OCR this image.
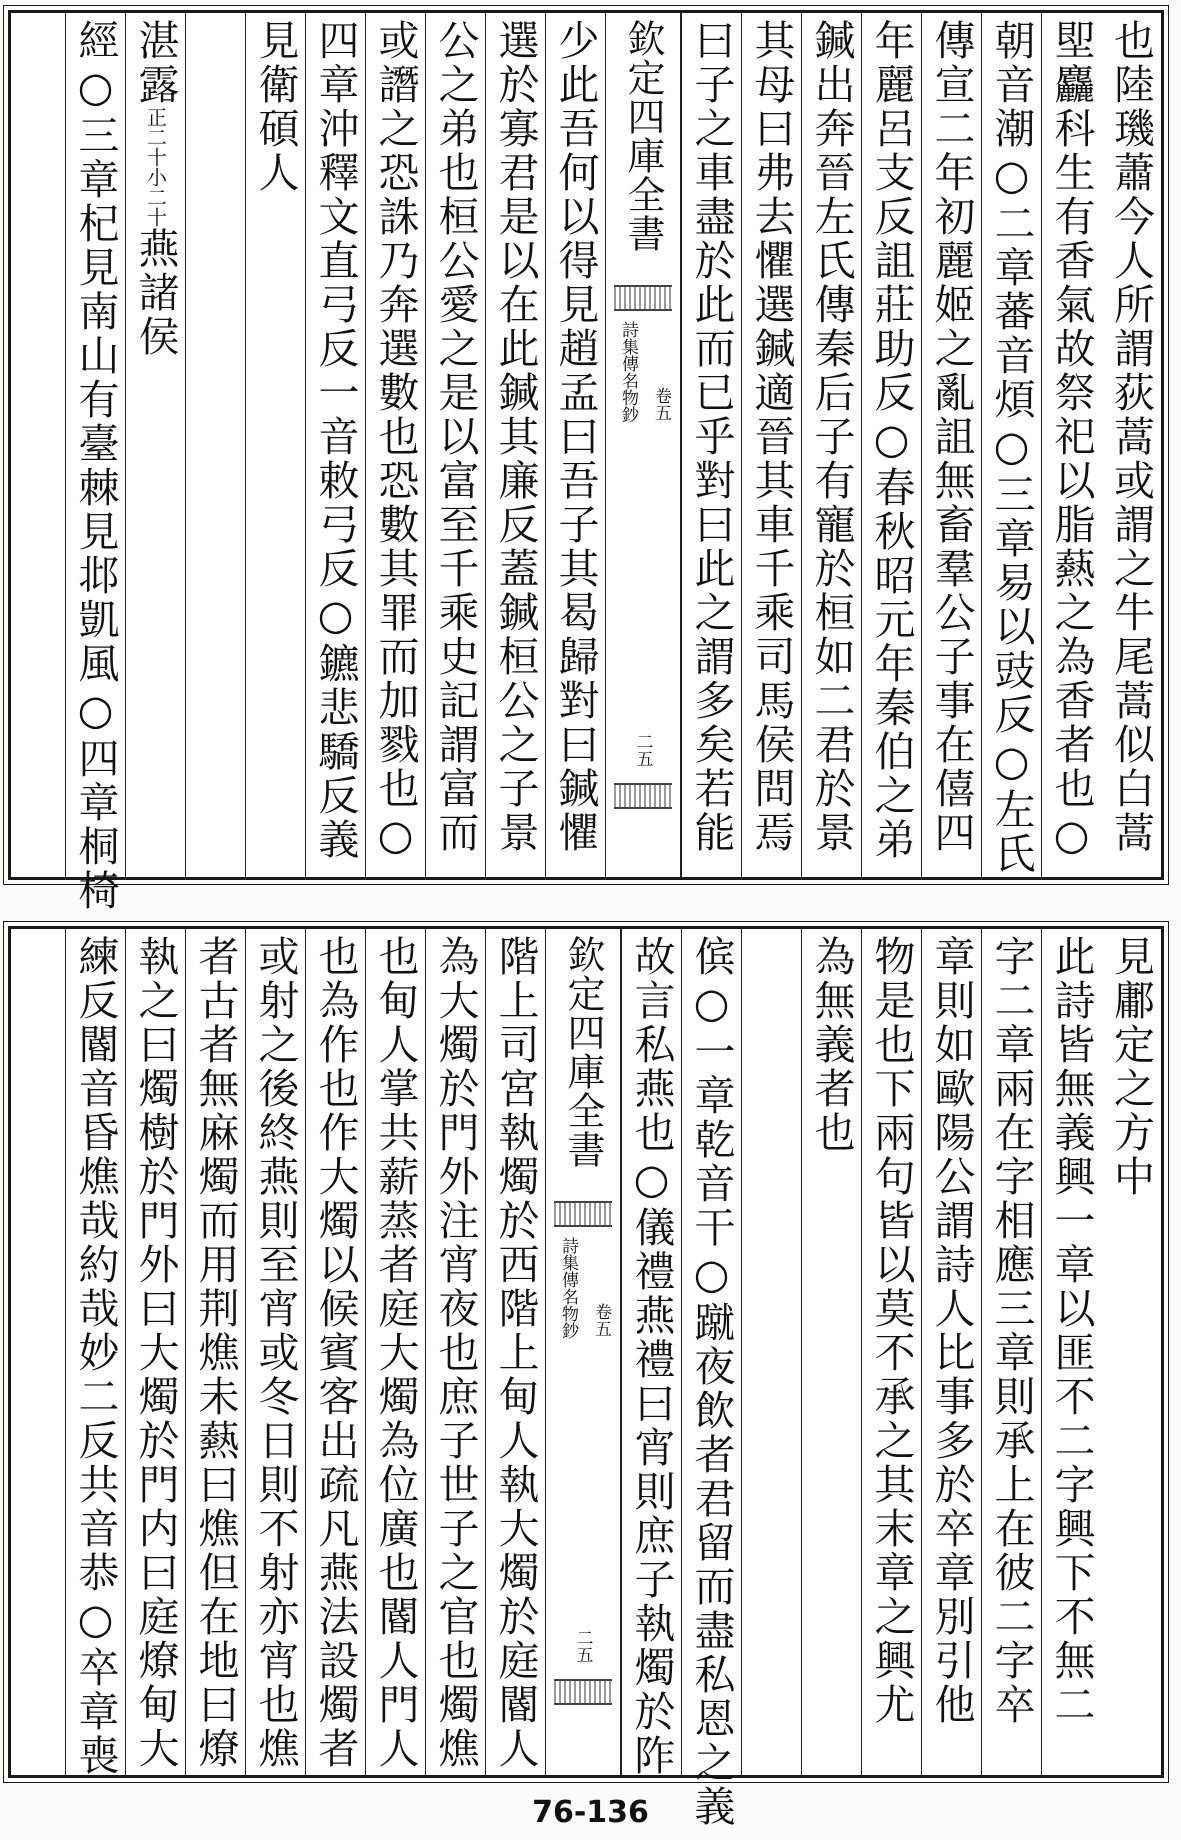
也陸璣蕭今人所謂荻蒿或謂之牛尾蒿似白蒿
堲麤科生有香氣故祭祀以脂爇之為香者也○
朝音潮○二章蕃音煩○三章易以豉反○左氏
傳宣二年初麗姬之亂詛無畜羣公子事在僖四
年麗呂支反詛莊助反○春秋昭元年秦伯之弟
鍼出奔晉左氏傳秦后子有寵於桓如二君於景
其母曰弗去懼選鍼適晉其車千乘司馬侯問焉
曰子之車盡於此而已乎對曰此之謂多矣若能
欽定四庫全書
詩集傳名物鈔 卷五
二五
少此吾何以得見趙孟曰吾子其曷歸對曰鍼懼
選於寡君是以在此鍼其廉反蓋鍼桓公之子景
公之弟也桓公愛之是以富至千乘史記謂富而
或譖之恐誅乃奔選數也恐數其罪而加戮也○
四章沖釋文直弓反一音敕弓反○鑣悲驕反義
見衛碩人
湛露
小二十
正二十
燕諸侯
經○三章杞見南山有臺棘見邶凱風○四章桐椅
見鄘定之方中
此詩皆無義興一章以匪不二字興下不無二
字二章兩在字相應三章則承上在彼二字卒
章則如歐陽公謂詩人比事多於卒章別引他
物是也下兩句皆以莫不承之其末章之興尤
為無義者也
傧○一章乾音干○蹴夜飲者君留而盡私恩之義
故言私燕也○儀禮燕禮曰宵則庶子執燭於阼
欽定四庫全書
詩集傳名物鈔 卷五
二五
階上司宮執燭於西階上甸人執大燭於庭閽人
為大燭於門外注宵夜也庶子世子之官也燭燋
也甸人掌共薪蒸者庭大燭為位廣也閽人門人
也為作也作大燭以候賓客出疏凡燕法設燭者
或射之後終燕則至宵或冬日則不射亦宵也燋
者古者無麻燭而用荆燋未爇曰燋但在地曰燎
執之曰燭樹於門外曰大燭於門内曰庭燎甸大
練反閽音昏燋哉約哉妙二反共音恭○卒章喪
76-136
